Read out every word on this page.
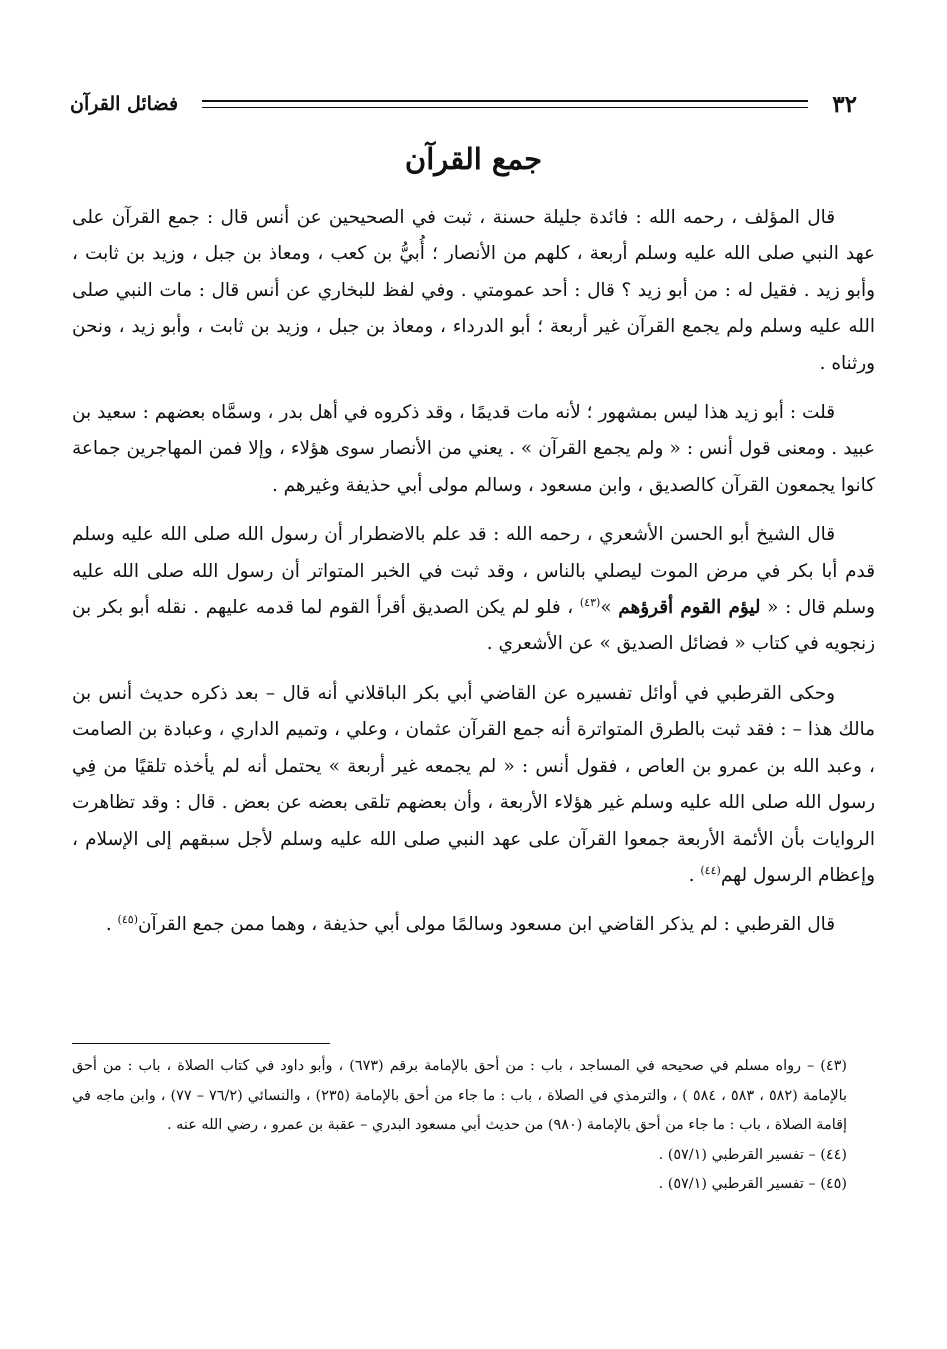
٣٢
فضائل القرآن
جمع القرآن

قال المؤلف ، رحمه الله : فائدة جليلة حسنة ، ثبت في الصحيحين عن أنس قال : جمع القرآن على عهد النبي صلى الله عليه وسلم أربعة ، كلهم من الأنصار ؛ أُبيُّ بن كعب ، ومعاذ بن جبل ، وزيد بن ثابت ، وأبو زيد . فقيل له : من أبو زيد ؟ قال : أحد عمومتي . وفي لفظ للبخاري عن أنس قال : مات النبي صلى الله عليه وسلم ولم يجمع القرآن غير أربعة ؛ أبو الدرداء ، ومعاذ بن جبل ، وزيد بن ثابت ، وأبو زيد ، ونحن ورثناه .

قلت : أبو زيد هذا ليس بمشهور ؛ لأنه مات قديمًا ، وقد ذكروه في أهل بدر ، وسمَّاه بعضهم : سعيد بن عبيد . ومعنى قول أنس : « ولم يجمع القرآن » . يعني من الأنصار سوى هؤلاء ، وإلا فمن المهاجرين جماعة كانوا يجمعون القرآن كالصديق ، وابن مسعود ، وسالم مولى أبي حذيفة وغيرهم .

قال الشيخ أبو الحسن الأشعري ، رحمه الله : قد علم بالاضطرار أن رسول الله صلى الله عليه وسلم قدم أبا بكر في مرض الموت ليصلي بالناس ، وقد ثبت في الخبر المتواتر أن رسول الله صلى الله عليه وسلم قال : « ليؤم القوم أقرؤهم »$^{(٤٣)}$ ، فلو لم يكن الصديق أقرأ القوم لما قدمه عليهم . نقله أبو بكر بن زنجويه في كتاب « فضائل الصديق » عن الأشعري .

وحكى القرطبي في أوائل تفسيره عن القاضي أبي بكر الباقلاني أنه قال – بعد ذكره حديث أنس بن مالك هذا – : فقد ثبت بالطرق المتواترة أنه جمع القرآن عثمان ، وعلي ، وتميم الداري ، وعبادة بن الصامت ، وعبد الله بن عمرو بن العاص ، فقول أنس : « لم يجمعه غير أربعة » يحتمل أنه لم يأخذه تلقيًا من فِي رسول الله صلى الله عليه وسلم غير هؤلاء الأربعة ، وأن بعضهم تلقى بعضه عن بعض . قال : وقد تظاهرت الروايات بأن الأئمة الأربعة جمعوا القرآن على عهد النبي صلى الله عليه وسلم لأجل سبقهم إلى الإسلام ، وإعظام الرسول لهم$^{(٤٤)}$ .

قال القرطبي : لم يذكر القاضي ابن مسعود وسالمًا مولى أبي حذيفة ، وهما ممن جمع القرآن$^{(٤٥)}$ .

(٤٣) – رواه مسلم في صحيحه في المساجد ، باب : من أحق بالإمامة برقم (٦٧٣) ، وأبو داود في كتاب الصلاة ، باب : من أحق بالإمامة (٥٨٢ ، ٥٨٣ ، ٥٨٤ ) ، والترمذي في الصلاة ، باب : ما جاء من أحق بالإمامة (٢٣٥) ، والنسائي (٧٦/٢ – ٧٧) ، وابن ماجه في إقامة الصلاة ، باب : ما جاء من أحق بالإمامة (٩٨٠) من حديث أبي مسعود البدري – عقبة بن عمرو ، رضي الله عنه .

(٤٤) – تفسير القرطبي (٥٧/١) .

(٤٥) – تفسير القرطبي (٥٧/١) .
